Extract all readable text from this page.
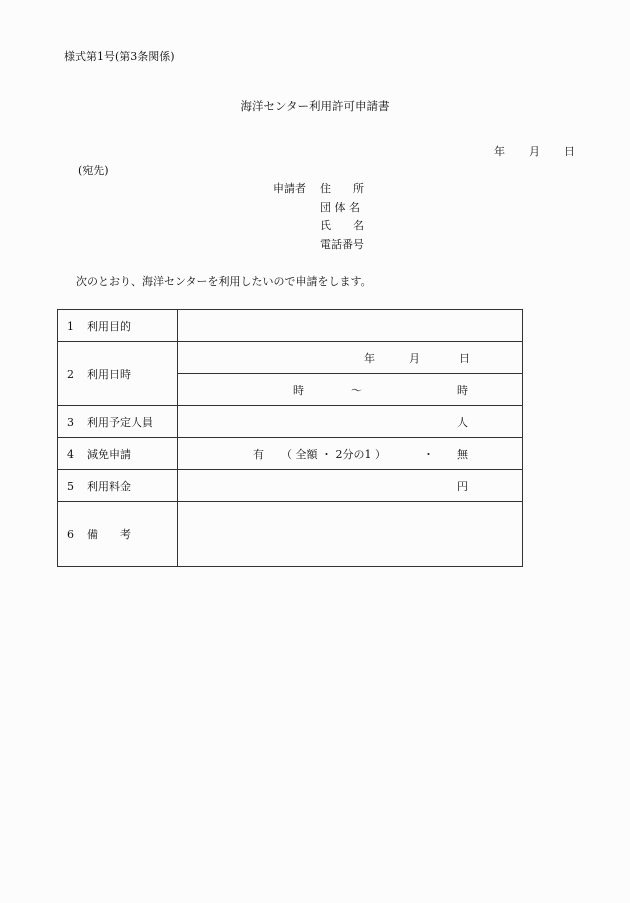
様式第1号(第3条関係)
海洋センター利用許可申請書
年 月 日
(宛先)
申請者 住　　所
団 体 名
氏　　名
電話番号
次のとおり、海洋センターを利用したいので申請をします。
1 利用目的	
2 利用日時	年 月 日

	時 ～ 時

3 利用予定人員	人

4 減免申請	有 （ 全額 ・ 2分の1 ） ・ 無

5 利用料金	円

6 備　　考	
